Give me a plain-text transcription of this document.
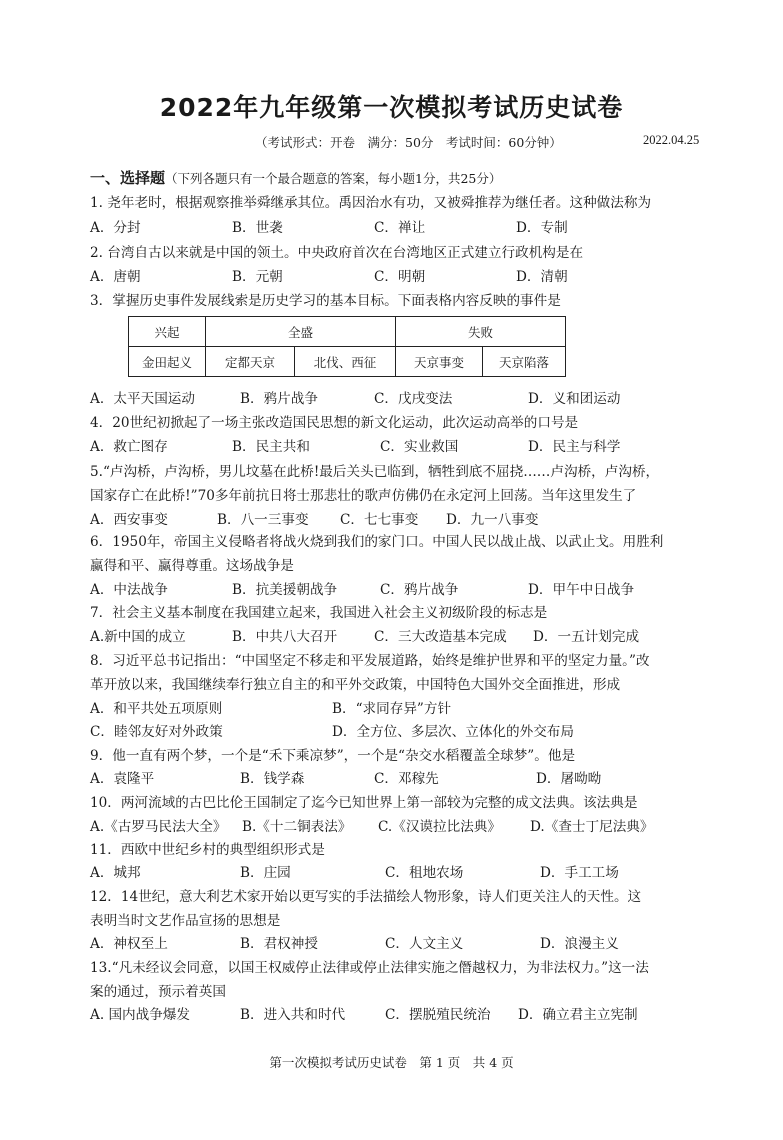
2022年九年级第一次模拟考试历史试卷
（考试形式：开卷　满分：50分　考试时间：60分钟）	2022.04.25
一、选择题（下列各题只有一个最合题意的答案，每小题1分，共25分）
1. 尧年老时，根据观察推举舜继承其位。禹因治水有功，又被舜推荐为继任者。这种做法称为
A．分封	B．世袭	C．禅让	D．专制
2. 台湾自古以来就是中国的领土。中央政府首次在台湾地区正式建立行政机构是在
A．唐朝	B．元朝	C．明朝	D．清朝
3．掌握历史事件发展线索是历史学习的基本目标。下面表格内容反映的事件是
兴起	全盛		失败	
金田起义	定都天京	北伐、西征	天京事变	天京陷落
A．太平天国运动	B．鸦片战争	C．戊戌变法	D．义和团运动
4．20世纪初掀起了一场主张改造国民思想的新文化运动，此次运动高举的口号是
A．救亡图存	B．民主共和	C．实业救国	D．民主与科学
5.“卢沟桥，卢沟桥，男儿坟墓在此桥!最后关头已临到，牺牲到底不屈挠……卢沟桥，卢沟桥，
国家存亡在此桥!”70多年前抗日将士那悲壮的歌声仿佛仍在永定河上回荡。当年这里发生了
A．西安事变	B．八一三事变 C．七七事变 D．九一八事变
6．1950年，帝国主义侵略者将战火烧到我们的家门口。中国人民以战止战、以武止戈。用胜利
赢得和平、赢得尊重。这场战争是
A．中法战争	B．抗美援朝战争	C．鸦片战争	D．甲午中日战争
7．社会主义基本制度在我国建立起来，我国进入社会主义初级阶段的标志是
A.新中国的成立	B．中共八大召开	C．三大改造基本完成 D．一五计划完成
8．习近平总书记指出：“中国坚定不移走和平发展道路，始终是维护世界和平的坚定力量。”改
革开放以来，我国继续奉行独立自主的和平外交政策，中国特色大国外交全面推进，形成
A．和平共处五项原则	B．“求同存异”方针
C．睦邻友好对外政策	D．全方位、多层次、立体化的外交布局
9．他一直有两个梦，一个是“禾下乘凉梦”，一个是“杂交水稻覆盖全球梦”。他是
A．袁隆平	B．钱学森	C．邓稼先	D．屠呦呦
10．两河流域的古巴比伦王国制定了迄今已知世界上第一部较为完整的成文法典。该法典是
A.《古罗马民法大全》 B.《十二铜表法》 C.《汉谟拉比法典》 D.《查士丁尼法典》
11．西欧中世纪乡村的典型组织形式是
A．城邦	B．庄园	C．租地农场	D．手工工场
12．14世纪，意大利艺术家开始以更写实的手法描绘人物形象，诗人们更关注人的天性。这
表明当时文艺作品宣扬的思想是
A．神权至上	B．君权神授	C．人文主义	D．浪漫主义
13.“凡未经议会同意，以国王权威停止法律或停止法律实施之僭越权力，为非法权力。”这一法
案的通过，预示着英国
A. 国内战争爆发	B．进入共和时代	C．摆脱殖民统治 D．确立君主立宪制
第一次模拟考试历史试卷　第 1 页　共 4 页
